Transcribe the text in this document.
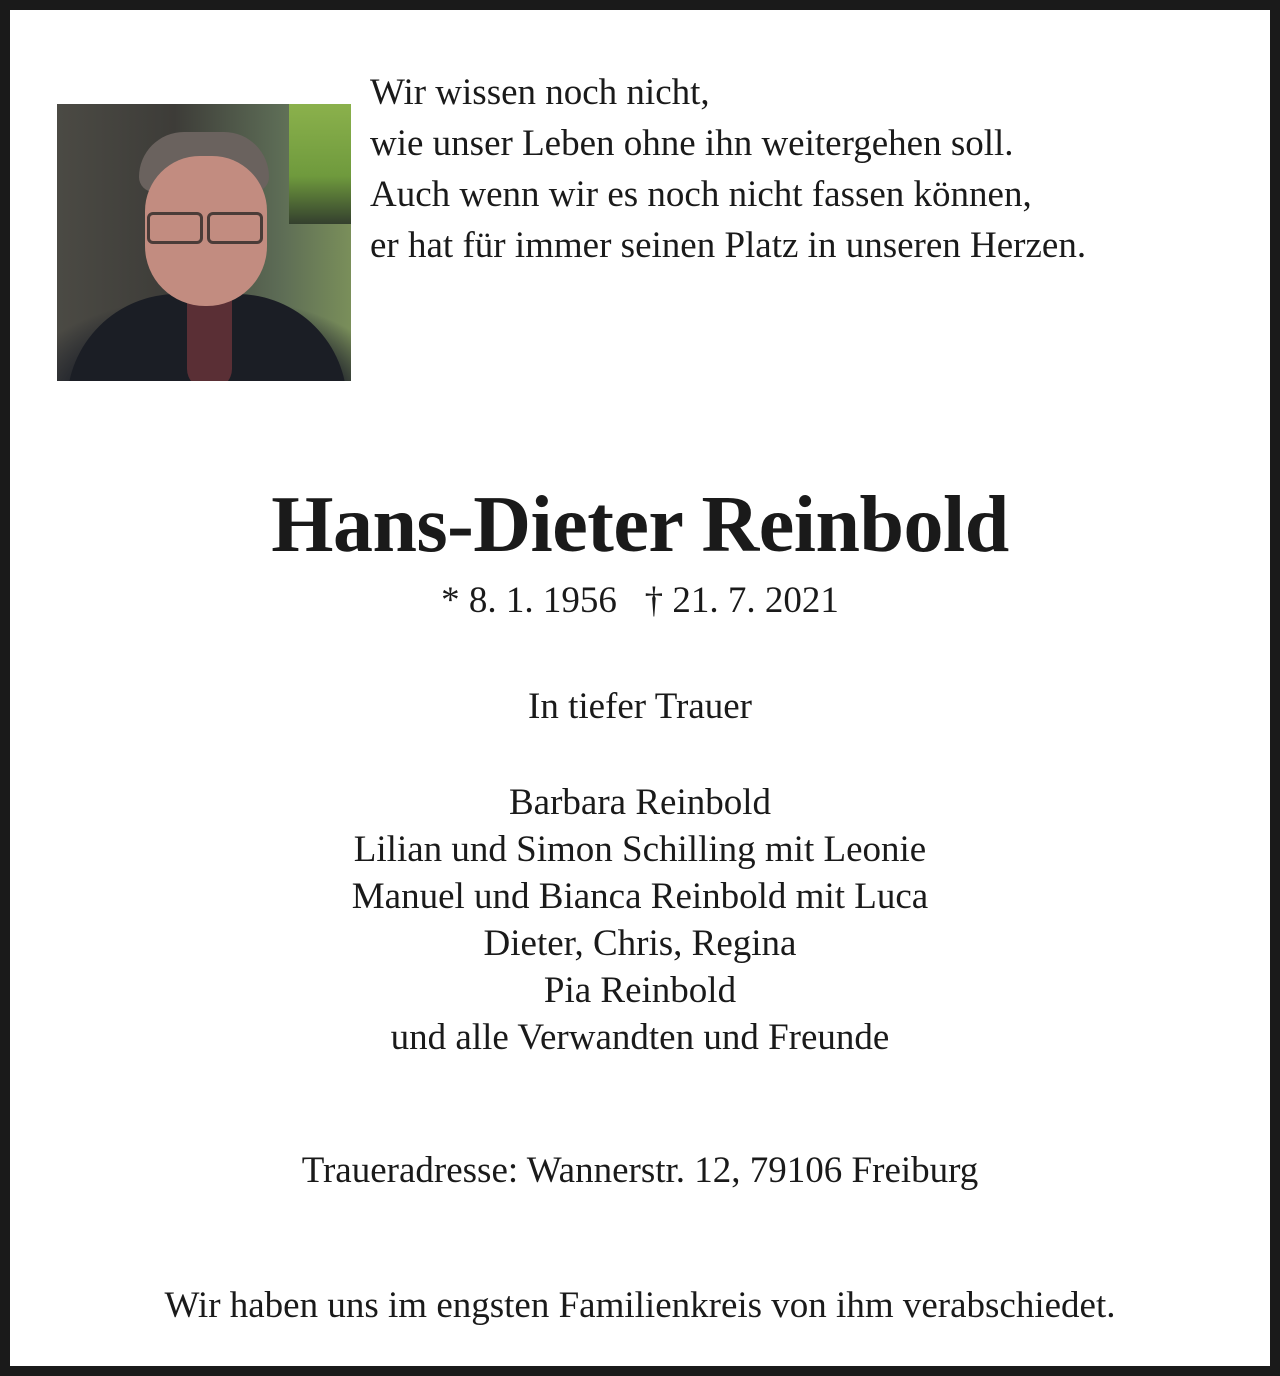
Wir wissen noch nicht,
wie unser Leben ohne ihn weitergehen soll.
Auch wenn wir es noch nicht fassen können,
er hat für immer seinen Platz in unseren Herzen.
Hans-Dieter Reinbold
* 8. 1. 1956   † 21. 7. 2021
In tiefer Trauer
Barbara Reinbold
Lilian und Simon Schilling mit Leonie
Manuel und Bianca Reinbold mit Luca
Dieter, Chris, Regina
Pia Reinbold
und alle Verwandten und Freunde
Traueradresse: Wannerstr. 12, 79106 Freiburg
Wir haben uns im engsten Familienkreis von ihm verabschiedet.
